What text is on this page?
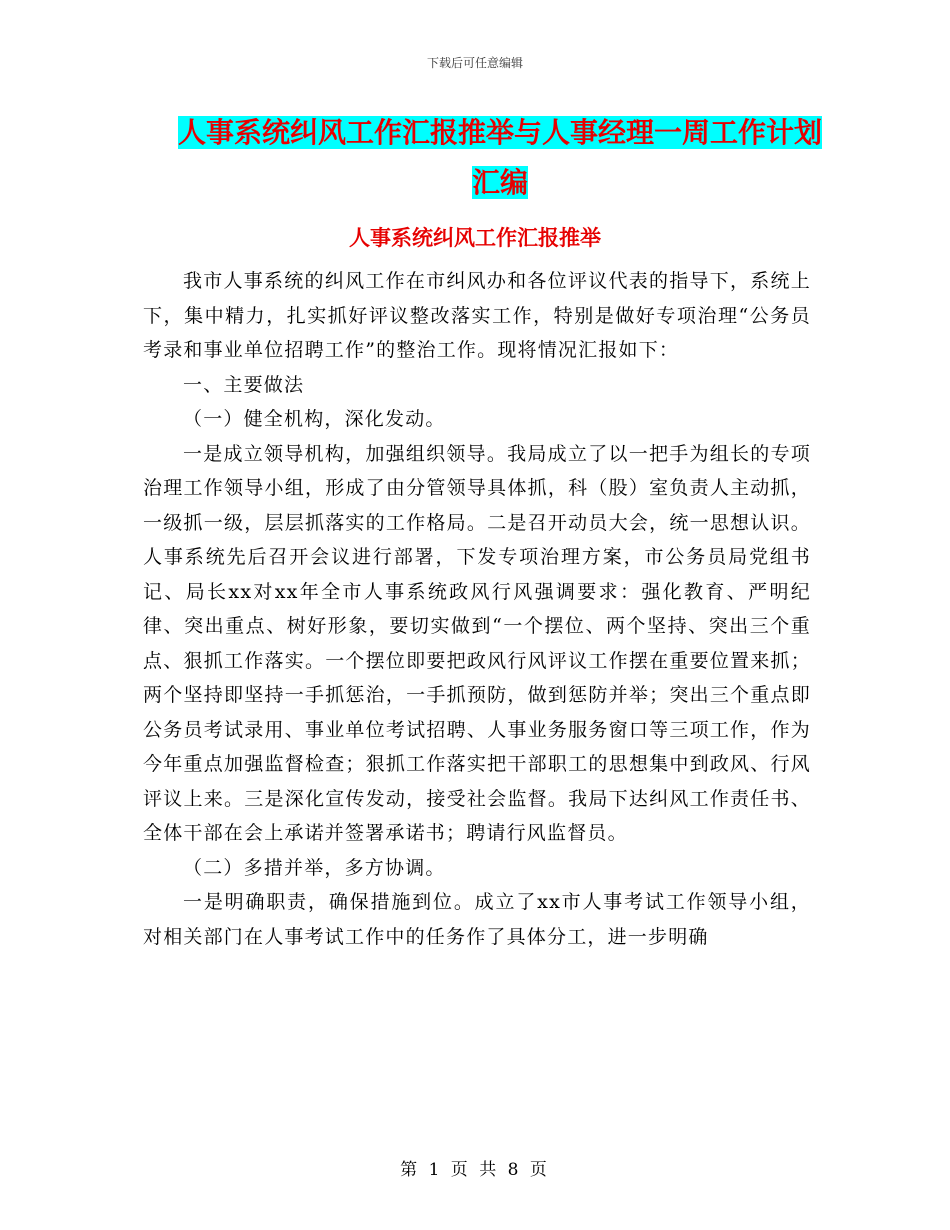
下载后可任意编辑
人事系统纠风工作汇报推举与人事经理一周工作计划
汇编
人事系统纠风工作汇报推举

我市人事系统的纠风工作在市纠风办和各位评议代表的指导下，系统上下，集中精力，扎实抓好评议整改落实工作，特别是做好专项治理“公务员考录和事业单位招聘工作”的整治工作。现将情况汇报如下：

一、主要做法

（一）健全机构，深化发动。

一是成立领导机构，加强组织领导。我局成立了以一把手为组长的专项治理工作领导小组，形成了由分管领导具体抓，科（股）室负责人主动抓，一级抓一级，层层抓落实的工作格局。二是召开动员大会，统一思想认识。人事系统先后召开会议进行部署，下发专项治理方案，市公务员局党组书记、局长xx对xx年全市人事系统政风行风强调要求：强化教育、严明纪律、突出重点、树好形象，要切实做到“一个摆位、两个坚持、突出三个重点、狠抓工作落实。一个摆位即要把政风行风评议工作摆在重要位置来抓；两个坚持即坚持一手抓惩治，一手抓预防，做到惩防并举；突出三个重点即公务员考试录用、事业单位考试招聘、人事业务服务窗口等三项工作，作为今年重点加强监督检查；狠抓工作落实把干部职工的思想集中到政风、行风评议上来。三是深化宣传发动，接受社会监督。我局下达纠风工作责任书、全体干部在会上承诺并签署承诺书；聘请行风监督员。

（二）多措并举，多方协调。

一是明确职责，确保措施到位。成立了xx市人事考试工作领导小组，对相关部门在人事考试工作中的任务作了具体分工，进一步明确

第 1 页 共 8 页
